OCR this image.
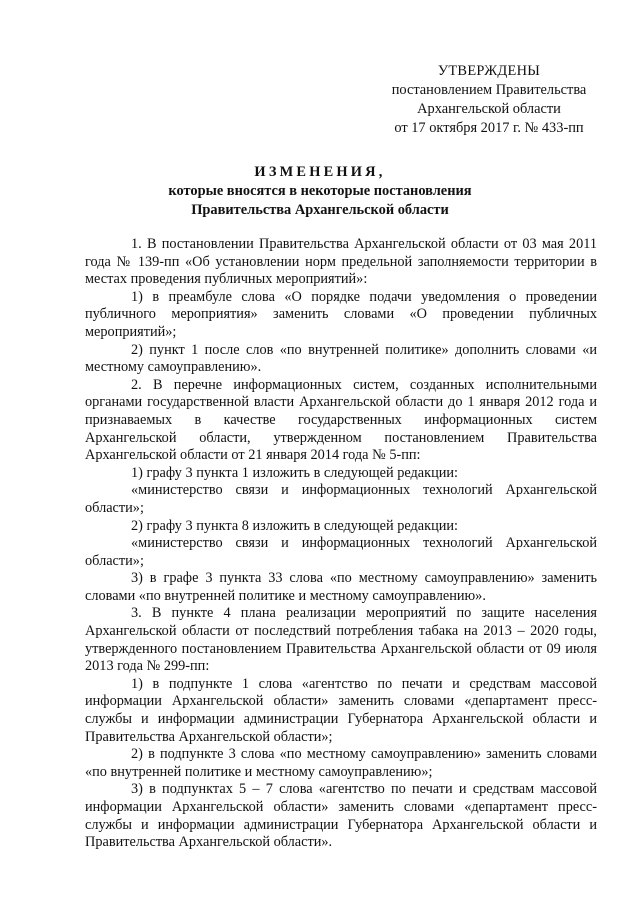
УТВЕРЖДЕНЫ
постановлением Правительства
Архангельской области
от 17 октября 2017 г. № 433-пп
ИЗМЕНЕНИЯ,
которые вносятся в некоторые постановления
Правительства Архангельской области

1. В постановлении Правительства Архангельской области от 03 мая 2011 года № 139-пп «Об установлении норм предельной заполняемости территории в местах проведения публичных мероприятий»:

1) в преамбуле слова «О порядке подачи уведомления о проведении публичного мероприятия» заменить словами «О проведении публичных мероприятий»;

2) пункт 1 после слов «по внутренней политике» дополнить словами «и местному самоуправлению».

2. В перечне информационных систем, созданных исполнительными органами государственной власти Архангельской области до 1 января 2012 года и признаваемых в качестве государственных информационных систем Архангельской области, утвержденном постановлением Правительства Архангельской области от 21 января 2014 года № 5-пп:

1) графу 3 пункта 1 изложить в следующей редакции:

«министерство связи и информационных технологий Архангельской области»;

2) графу 3 пункта 8 изложить в следующей редакции:

«министерство связи и информационных технологий Архангельской области»;

3) в графе 3 пункта 33 слова «по местному самоуправлению» заменить словами «по внутренней политике и местному самоуправлению».

3. В пункте 4 плана реализации мероприятий по защите населения Архангельской области от последствий потребления табака на 2013 – 2020 годы, утвержденного постановлением Правительства Архангельской области от 09 июля 2013 года № 299-пп:

1) в подпункте 1 слова «агентство по печати и средствам массовой информации Архангельской области» заменить словами «департамент пресс-службы и информации администрации Губернатора Архангельской области и Правительства Архангельской области»;

2) в подпункте 3 слова «по местному самоуправлению» заменить словами «по внутренней политике и местному самоуправлению»;

3) в подпунктах 5 – 7 слова «агентство по печати и средствам массовой информации Архангельской области» заменить словами «департамент пресс-службы и информации администрации Губернатора Архангельской области и Правительства Архангельской области».
